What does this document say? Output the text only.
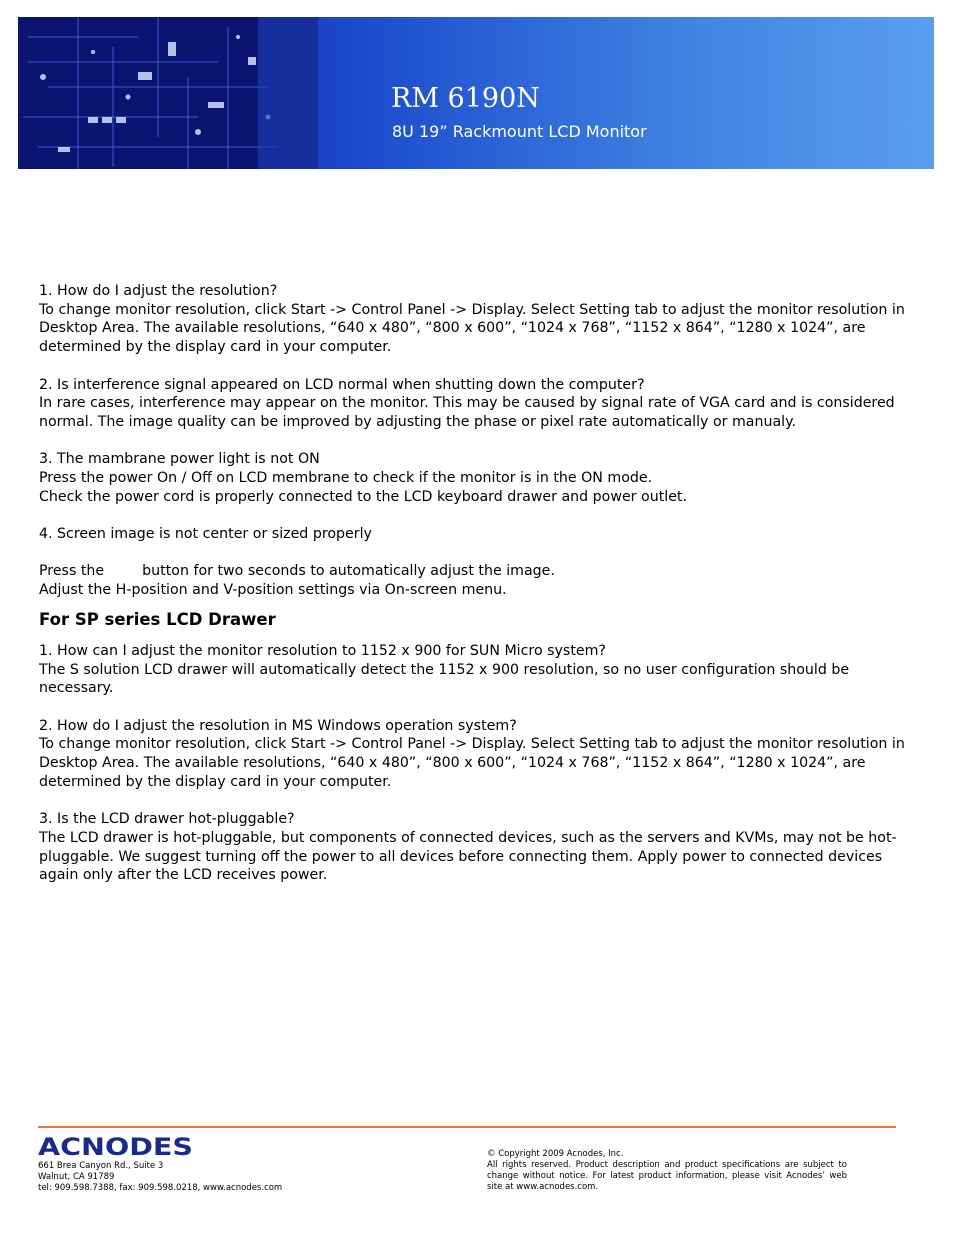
RM 6190N
8U 19” Rackmount LCD Monitor

1. How do I adjust the resolution?

To change monitor resolution, click Start -> Control Panel -> Display. Select Setting tab to adjust the monitor resolution in Desktop Area. The available resolutions, “640 x 480”, “800 x 600”, “1024 x 768”, “1152 x 864”, “1280 x 1024”, are determined by the display card in your computer.

2. Is interference signal appeared on LCD normal when shutting down the computer?

In rare cases, interference may appear on the monitor. This may be caused by signal rate of VGA card and is considered normal. The image quality can be improved by adjusting the phase or pixel rate automatically or manualy.

3. The mambrane power light is not ON

Press the power On / Off on LCD membrane to check if the monitor is in the ON mode.

Check the power cord is properly connected to the LCD keyboard drawer and power outlet.

4. Screen image is not center or sized properly

Press the	button for two seconds to automatically adjust the image.

Adjust the H-position and V-position settings via On-screen menu.

For SP series LCD Drawer

1. How can I adjust the monitor resolution to 1152 x 900 for SUN Micro system?

The S solution LCD drawer will automatically detect the 1152 x 900 resolution, so no user configuration should be necessary.

2. How do I adjust the resolution in MS Windows operation system?

To change monitor resolution, click Start -> Control Panel -> Display. Select Setting tab to adjust the monitor resolution in Desktop Area. The available resolutions, “640 x 480”, “800 x 600”, “1024 x 768”, “1152 x 864”, “1280 x 1024”, are determined by the display card in your computer.

3. Is the LCD drawer hot-pluggable?

The LCD drawer is hot-pluggable, but components of connected devices, such as the servers and KVMs, may not be hot-pluggable. We suggest turning off the power to all devices before connecting them. Apply power to connected devices again only after the LCD receives power.

ACNODES
661 Brea Canyon Rd., Suite 3
Walnut, CA 91789
tel: 909.598.7388, fax: 909.598.0218, www.acnodes.com
© Copyright 2009 Acnodes, Inc.
All rights reserved. Product description and product specifications are subject to change without notice. For latest product information, please visit Acnodes’ web site at www.acnodes.com.
